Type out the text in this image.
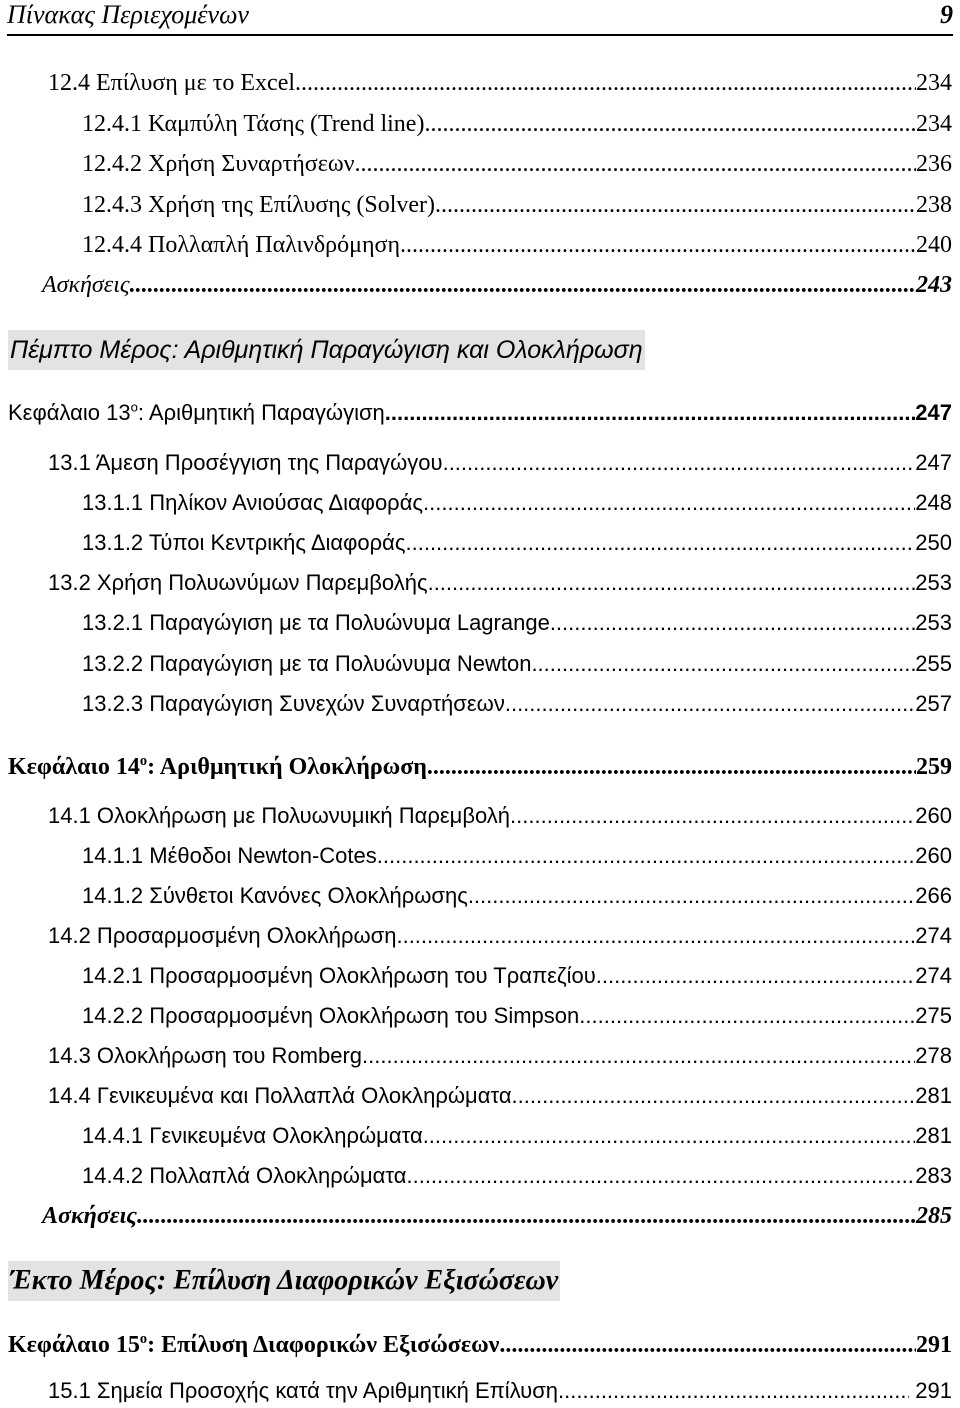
Πίνακας Περιεχομένων	9
12.4 Επίλυση με το Excel .....	234
12.4.1 Καμπύλη Τάσης (Trend line) .....	234
12.4.2 Χρήση Συναρτήσεων .....	236
12.4.3 Χρήση της Επίλυσης (Solver) .....	238
12.4.4 Πολλαπλή Παλινδρόμηση .....	240
Ασκήσεις .....	243
Πέμπτο Μέρος: Αριθμητική Παραγώγιση και Ολοκλήρωση
Κεφάλαιο $13^o$: Αριθμητική Παραγώγιση .....	247
13.1 Άμεση Προσέγγιση της Παραγώγου .....	247
13.1.1 Πηλίκον Ανιούσας Διαφοράς .....	248
13.1.2 Τύποι Κεντρικής Διαφοράς .....	250
13.2 Χρήση Πολυωνύμων Παρεμβολής .....	253
13.2.1 Παραγώγιση με τα Πολυώνυμα Lagrange .....	253
13.2.2 Παραγώγιση με τα Πολυώνυμα Newton .....	255
13.2.3 Παραγώγιση Συνεχών Συναρτήσεων .....	257
Κεφάλαιο $14^o$: Αριθμητική Ολοκλήρωση .....	259
14.1 Ολοκλήρωση με Πολυωνυμική Παρεμβολή .....	260
14.1.1 Μέθοδοι Newton-Cotes .....	260
14.1.2 Σύνθετοι Κανόνες Ολοκλήρωσης .....	266
14.2 Προσαρμοσμένη Ολοκλήρωση .....	274
14.2.1 Προσαρμοσμένη Ολοκλήρωση του Τραπεζίου .....	274
14.2.2 Προσαρμοσμένη Ολοκλήρωση του Simpson .....	275
14.3 Ολοκλήρωση του Romberg .....	278
14.4 Γενικευμένα και Πολλαπλά Ολοκληρώματα .....	281
14.4.1 Γενικευμένα Ολοκληρώματα .....	281
14.4.2 Πολλαπλά Ολοκληρώματα .....	283
Ασκήσεις .....	285
Έκτο Μέρος: Επίλυση Διαφορικών Εξισώσεων
Κεφάλαιο $15^o$: Επίλυση Διαφορικών Εξισώσεων .....	291
15.1 Σημεία Προσοχής κατά την Αριθμητική Επίλυση .....	291
